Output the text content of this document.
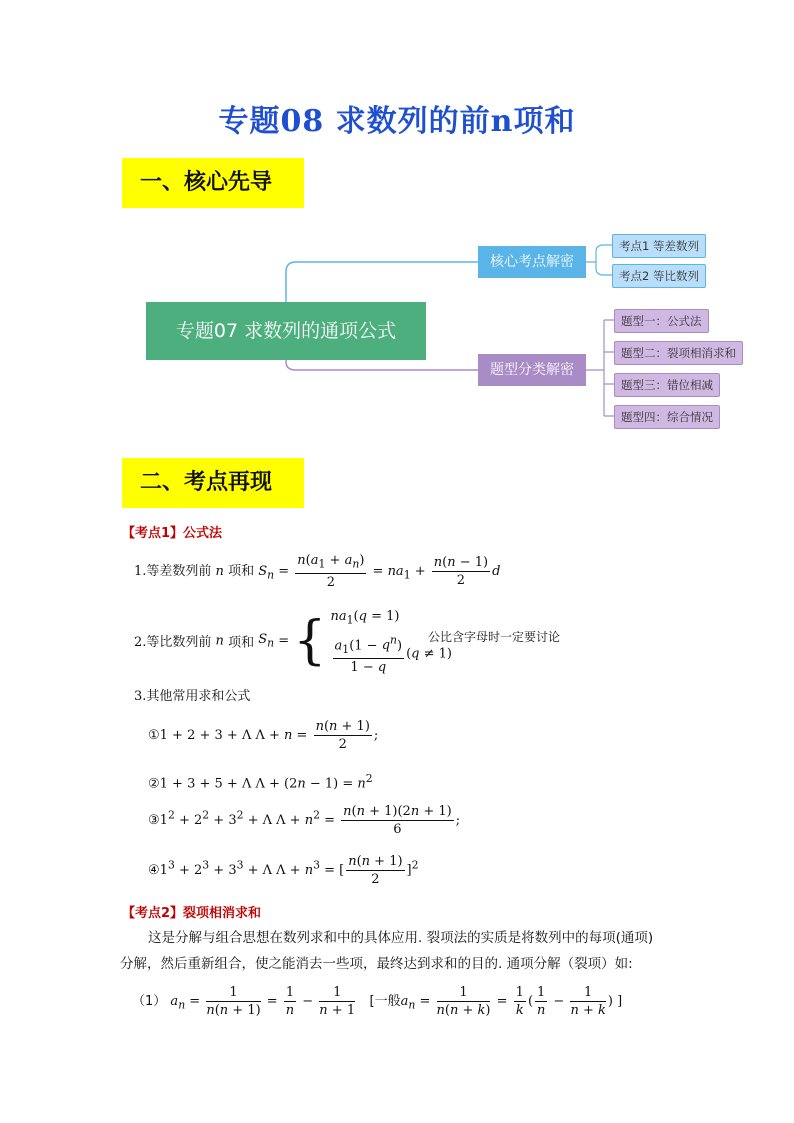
专题08 求数列的前n项和
一、核心先导
专题07 求数列的通项公式
核心考点解密
题型分类解密
考点1 等差数列
考点2 等比数列
题型一：公式法
题型二：裂项相消求和
题型三：错位相减
题型四：综合情况
二、考点再现
【考点1】公式法
1.等差数列前 n 项和 $S_n = \frac{n(a_1 + a_n)}{2} = na_1 + \frac{n(n - 1)}{2}$ d
2.等比数列前 n 项和 $S_n$ = { $na_1(q = 1)$
$\frac{a_1(1 - q^n)}{1 - q} (q \ne 1)$
公比含字母时一定要讨论
3.其他常用求和公式
①1 + 2 + 3 + Λ $\Lambda + n = \frac{n(n + 1)}{2}$ ;
②1 + 3 + 5 + Λ $\Lambda + (2n - 1) = n^2$
$③1^2 + 2^2 + 3^2 + \Lambda$ $\Lambda + n^2 = \frac{n(n + 1)(2n + 1)}{6}$ ;
$④1^3 + 2^3 + 3^3 + \Lambda$ $\Lambda + n^3$ = [ $\frac{n(n + 1)}{2} ]^2$
【考点2】裂项相消求和
这是分解与组合思想在数列求和中的具体应用. 裂项法的实质是将数列中的每项(通项)
分解，然后重新组合，使之能消去一些项，最终达到求和的目的. 通项分解（裂项）如:
（1） $a_n = \frac{1}{n(n + 1)} = \frac{1}{n} - \frac{1}{n + 1}$ [一般$a_n = \frac{1}{n(n + k)} = \frac{1}{k}$ ( $\frac{1}{n} - \frac{1}{n + k}$ ) ]
